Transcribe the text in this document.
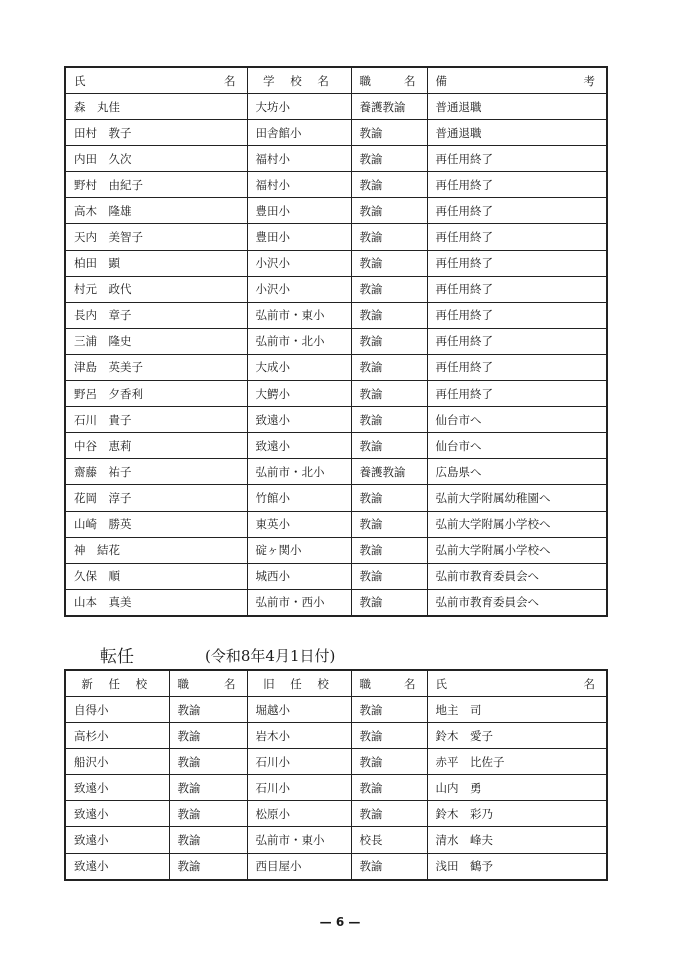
氏 名	学 校 名	職 名	備 考

森　丸佳	大坊小	養護教諭	普通退職
田村　教子	田舎館小	教諭	普通退職
内田　久次	福村小	教諭	再任用終了
野村　由紀子	福村小	教諭	再任用終了
高木　隆雄	豊田小	教諭	再任用終了
天内　美智子	豊田小	教諭	再任用終了
柏田　顕	小沢小	教諭	再任用終了
村元　政代	小沢小	教諭	再任用終了
長内　章子	弘前市・東小	教諭	再任用終了
三浦　隆史	弘前市・北小	教諭	再任用終了
津島　英美子	大成小	教諭	再任用終了
野呂　夕香利	大鰐小	教諭	再任用終了
石川　貴子	致遠小	教諭	仙台市へ
中谷　恵莉	致遠小	教諭	仙台市へ
齋藤　祐子	弘前市・北小	養護教諭	広島県へ
花岡　淳子	竹館小	教諭	弘前大学附属幼稚園へ
山崎　勝英	東英小	教諭	弘前大学附属小学校へ
神　結花	碇ヶ関小	教諭	弘前大学附属小学校へ
久保　順	城西小	教諭	弘前市教育委員会へ
山本　真美	弘前市・西小	教諭	弘前市教育委員会へ
転任	(令和8年4月1日付)
新 任 校	職 名	旧 任 校	職 名	氏 名

自得小	教諭	堀越小	教諭	地主　司
高杉小	教諭	岩木小	教諭	鈴木　愛子
船沢小	教諭	石川小	教諭	赤平　比佐子
致遠小	教諭	石川小	教諭	山内　勇
致遠小	教諭	松原小	教諭	鈴木　彩乃
致遠小	教諭	弘前市・東小	校長	清水　峰夫
致遠小	教諭	西目屋小	教諭	浅田　鶴予
— 6 —
